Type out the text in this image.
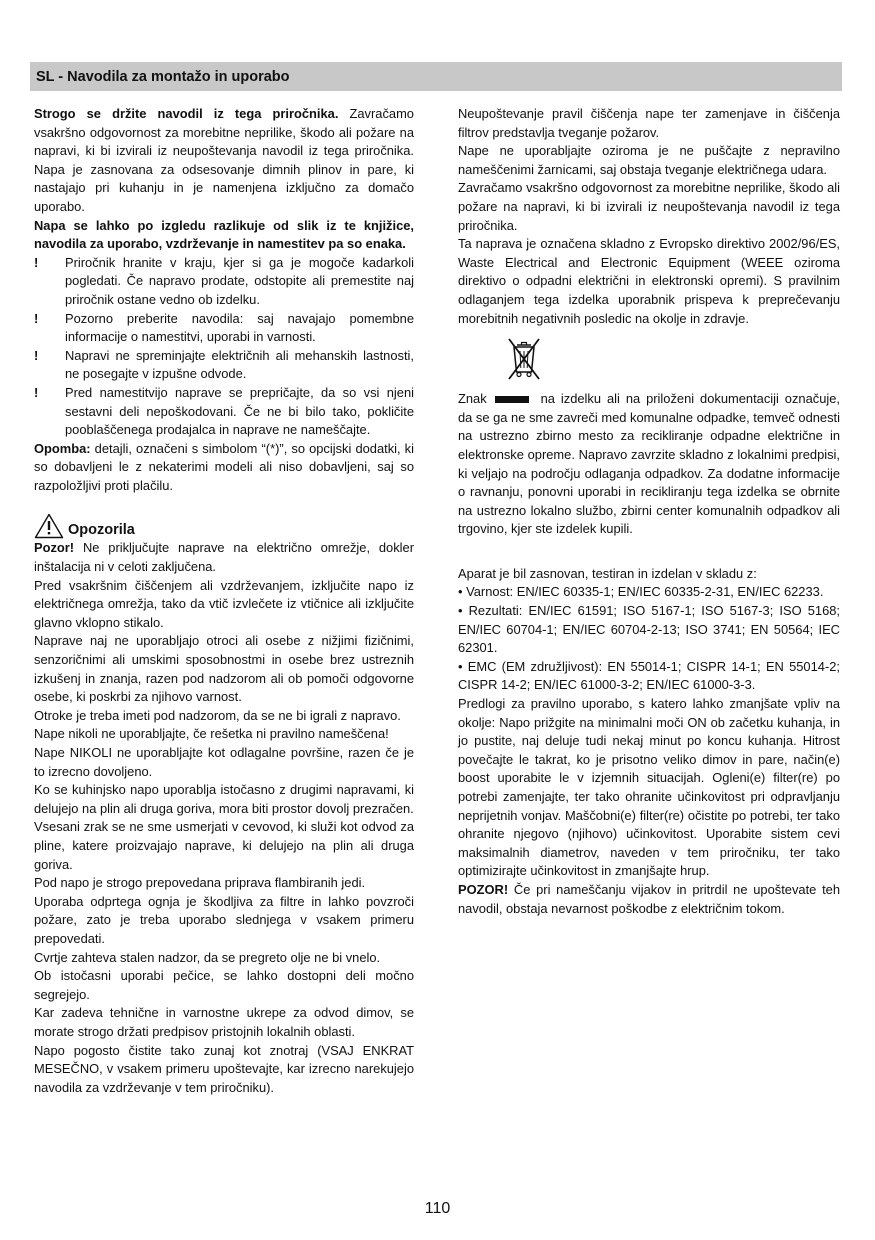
SL - Navodila za montažo in uporabo

Strogo se držite navodil iz tega priročnika. Zavračamo vsakršno odgovornost za morebitne neprilike, škodo ali požare na napravi, ki bi izvirali iz neupoštevanja navodil iz tega priročnika. Napa je zasnovana za odsesovanje dimnih plinov in pare, ki nastajajo pri kuhanju in je namenjena izključno za domačo uporabo.

Napa se lahko po izgledu razlikuje od slik iz te knjižice, navodila za uporabo, vzdrževanje in namestitev pa so enaka.

! Priročnik hranite v kraju, kjer si ga je mogoče kadarkoli pogledati. Če napravo prodate, odstopite ali premestite naj priročnik ostane vedno ob izdelku.
! Pozorno preberite navodila: saj navajajo pomembne informacije o namestitvi, uporabi in varnosti.
! Napravi ne spreminjajte električnih ali mehanskih lastnosti, ne posegajte v izpušne odvode.
! Pred namestitvijo naprave se prepričajte, da so vsi njeni sestavni deli nepoškodovani. Če ne bi bilo tako, pokličite pooblaščenega prodajalca in napravе ne nameščajte.

Opomba: detajli, označeni s simbolom “(*)”, so opcijski dodatki, ki so dobavljeni le z nekaterimi modeli ali niso dobavljeni, saj so razpoložljivi proti plačilu.

Opozorila

Pozor! Ne priključujte naprave na električno omrežje, dokler inštalacija ni v celoti zaključena.

Pred vsakršnim čiščenjem ali vzdrževanjem, izključite napo iz električnega omrežja, tako da vtič izvlečete iz vtičnice ali izključite glavno vklopno stikalo.

Naprave naj ne uporabljajo otroci ali osebe z nižjimi fizičnimi, senzoričnimi ali umskimi sposobnostmi in osebe brez ustreznih izkušenj in znanja, razen pod nadzorom ali ob pomoči odgovorne osebe, ki poskrbi za njihovo varnost.

Otroke je treba imeti pod nadzorom, da se ne bi igrali z napravo.

Nape nikoli ne uporabljajte, če rešetka ni pravilno nameščena!

Nape NIKOLI ne uporabljajte kot odlagalne površine, razen če je to izrecno dovoljeno.

Ko se kuhinjsko napo uporablja istočasno z drugimi napravami, ki delujejo na plin ali druga goriva, mora biti prostor dovolj prezračen.

Vsesani zrak se ne sme usmerjati v cevovod, ki služi kot odvod za pline, katere proizvajajo naprave, ki delujejo na plin ali druga goriva.

Pod napo je strogo prepovedana priprava flambiranih jedi.

Uporaba odprtega ognja je škodljiva za filtre in lahko povzroči požare, zato je treba uporabo slednjega v vsakem primeru prepovedati.

Cvrtje zahteva stalen nadzor, da se pregreto olje ne bi vnelo.

Ob istočasni uporabi pečice, se lahko dostopni deli močno segrejejo.

Kar zadeva tehnične in varnostne ukrepe za odvod dimov, se morate strogo držati predpisov pristojnih lokalnih oblasti.

Napo pogosto čistite tako zunaj kot znotraj (VSAJ ENKRAT MESEČNO, v vsakem primeru upoštevajte, kar izrecno narekujejo navodila za vzdrževanje v tem priročniku).

Neupoštevanje pravil čiščenja nape ter zamenjave in čiščenja filtrov predstavlja tveganje požarov.

Nape ne uporabljajte oziroma je ne puščajte z nepravilno nameščenimi žarnicami, saj obstaja tveganje električnega udara.

Zavračamo vsakršno odgovornost za morebitne neprilike, škodo ali požare na napravi, ki bi izvirali iz neupoštevanja navodil iz tega priročnika.

Ta naprava je označena skladno z Evropsko direktivo 2002/96/ES, Waste Electrical and Electronic Equipment (WEEE oziroma direktivo o odpadni električni in elektronski opremi). S pravilnim odlaganjem tega izdelka uporabnik prispeva k preprečevanju morebitnih negativnih posledic na okolje in zdravje.

Znak	na izdelku ali na priloženi dokumentaciji označuje, da se ga ne sme zavreči med komunalne odpadke, temveč odnesti na ustrezno zbirno mesto za recikliranje odpadne električne in elektronske opreme. Napravo zavrzite skladno z lokalnimi predpisi, ki veljajo na področju odlaganja odpadkov. Za dodatne informacije o ravnanju, ponovni uporabi in recikliranju tega izdelka se obrnite na ustrezno lokalno službo, zbirni center komunalnih odpadkov ali trgovino, kjer ste izdelek kupili.

Aparat je bil zasnovan, testiran in izdelan v skladu z:

• Varnost: EN/IEC 60335-1; EN/IEC 60335-2-31, EN/IEC 62233.

• Rezultati: EN/IEC 61591; ISO 5167-1; ISO 5167-3; ISO 5168; EN/IEC 60704-1; EN/IEC 60704-2-13; ISO 3741; EN 50564; IEC 62301.

• EMC (EM združljivost): EN 55014-1; CISPR 14-1; EN 55014-2; CISPR 14-2; EN/IEC 61000-3-2; EN/IEC 61000-3-3.

Predlogi za pravilno uporabo, s katero lahko zmanjšate vpliv na okolje: Napo prižgite na minimalni moči ON ob začetku kuhanja, in jo pustite, naj deluje tudi nekaj minut po koncu kuhanja. Hitrost povečajte le takrat, ko je prisotno veliko dimov in pare, način(e) boost uporabite le v izjemnih situacijah. Ogleni(e) filter(re) po potrebi zamenjajte, ter tako ohranite učinkovitost pri odpravljanju neprijetnih vonjav. Maščobni(e) filter(re) očistite po potrebi, ter tako ohranite njegovo (njihovo) učinkovitost. Uporabite sistem cevi maksimalnih diametrov, naveden v tem priročniku, ter tako optimizirajte učinkovitost in zmanjšajte hrup.

POZOR! Če pri nameščanju vijakov in pritrdil ne upoštevate teh navodil, obstaja nevarnost poškodbe z električnim tokom.

110
